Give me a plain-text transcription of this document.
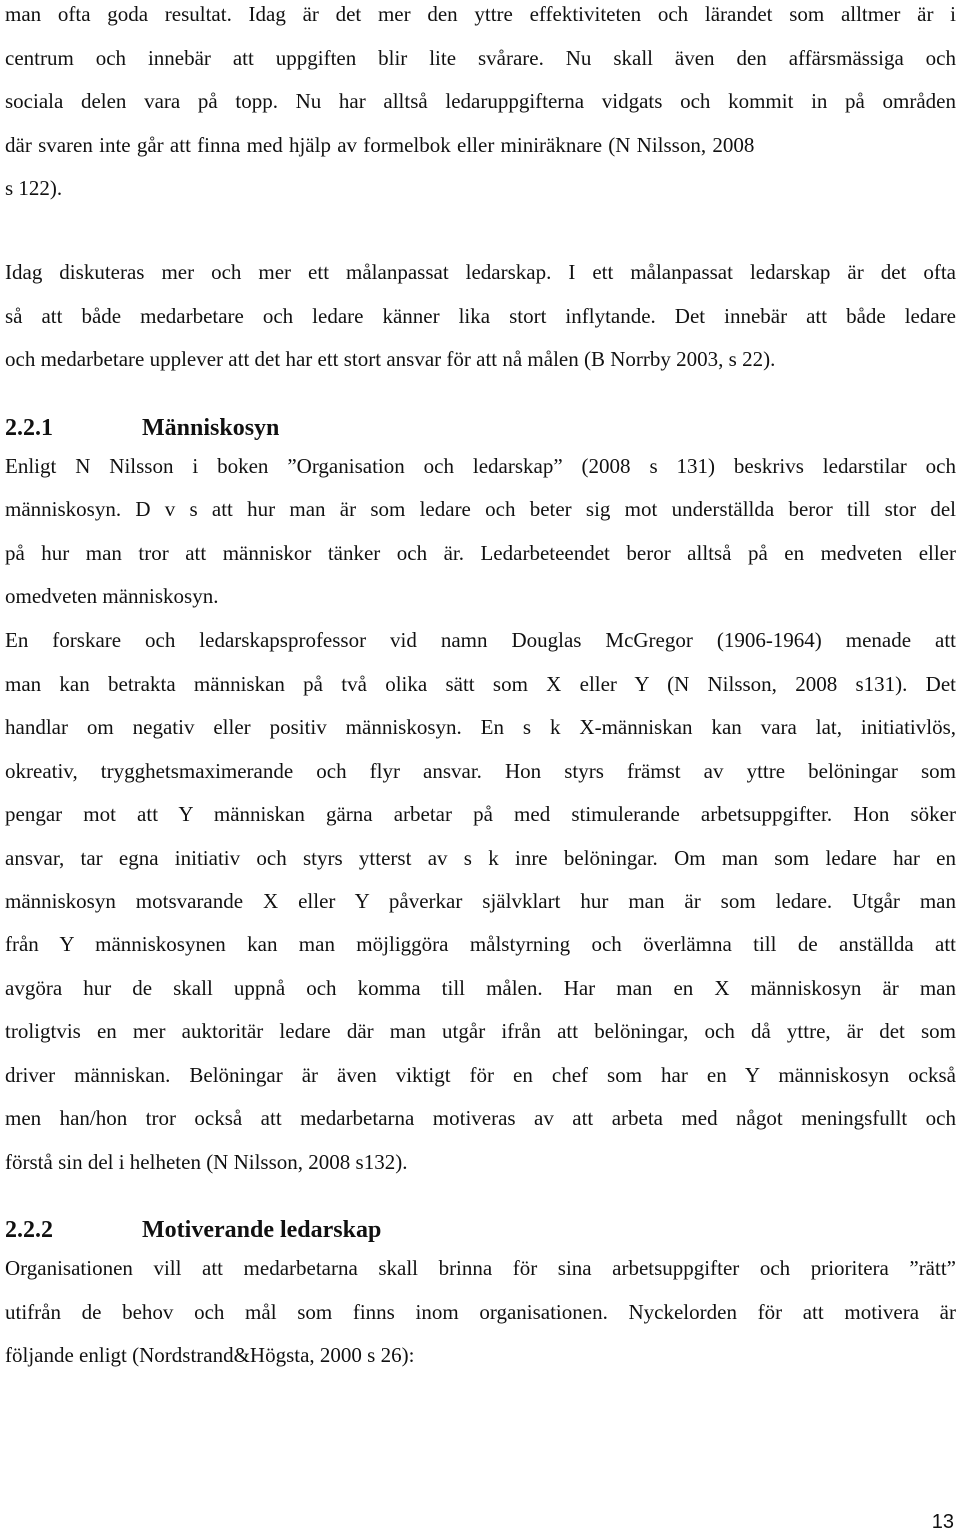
man ofta goda resultat. Idag är det mer den yttre effektiviteten och lärandet som alltmer är i
centrum och innebär att uppgiften blir lite svårare. Nu skall även den affärsmässiga och
sociala delen vara på topp. Nu har alltså ledaruppgifterna vidgats och kommit in på områden
där svaren inte går att finna med hjälp av formelbok eller miniräknare (N Nilsson, 2008
s 122).
Idag diskuteras mer och mer ett målanpassat ledarskap. I ett målanpassat ledarskap är det ofta
så att både medarbetare och ledare känner lika stort inflytande. Det innebär att både ledare
och medarbetare upplever att det har ett stort ansvar för att nå målen (B Norrby 2003, s 22).
2.2.1	Människosyn
Enligt N Nilsson i boken ”Organisation och ledarskap” (2008 s 131) beskrivs ledarstilar och
människosyn. D v s att hur man är som ledare och beter sig mot underställda beror till stor del
på hur man tror att människor tänker och är. Ledarbeteendet beror alltså på en medveten eller
omedveten människosyn.
En forskare och ledarskapsprofessor vid namn Douglas McGregor (1906-1964) menade att
man kan betrakta människan på två olika sätt som X eller Y (N Nilsson, 2008 s131). Det
handlar om negativ eller positiv människosyn. En s k X-människan kan vara lat, initiativlös,
okreativ, trygghetsmaximerande och flyr ansvar. Hon styrs främst av yttre belöningar som
pengar mot att Y människan gärna arbetar på med stimulerande arbetsuppgifter. Hon söker
ansvar, tar egna initiativ och styrs ytterst av s k inre belöningar. Om man som ledare har en
människosyn motsvarande X eller Y påverkar självklart hur man är som ledare. Utgår man
från Y människosynen kan man möjliggöra målstyrning och överlämna till de anställda att
avgöra hur de skall uppnå och komma till målen. Har man en X människosyn är man
troligtvis en mer auktoritär ledare där man utgår ifrån att belöningar, och då yttre, är det som
driver människan. Belöningar är även viktigt för en chef som har en Y människosyn också
men han/hon tror också att medarbetarna motiveras av att arbeta med något meningsfullt och
förstå sin del i helheten (N Nilsson, 2008 s132).
2.2.2	Motiverande ledarskap
Organisationen vill att medarbetarna skall brinna för sina arbetsuppgifter och prioritera ”rätt”
utifrån de behov och mål som finns inom organisationen. Nyckelorden för att motivera är
följande enligt (Nordstrand&Högsta, 2000 s 26):
13
